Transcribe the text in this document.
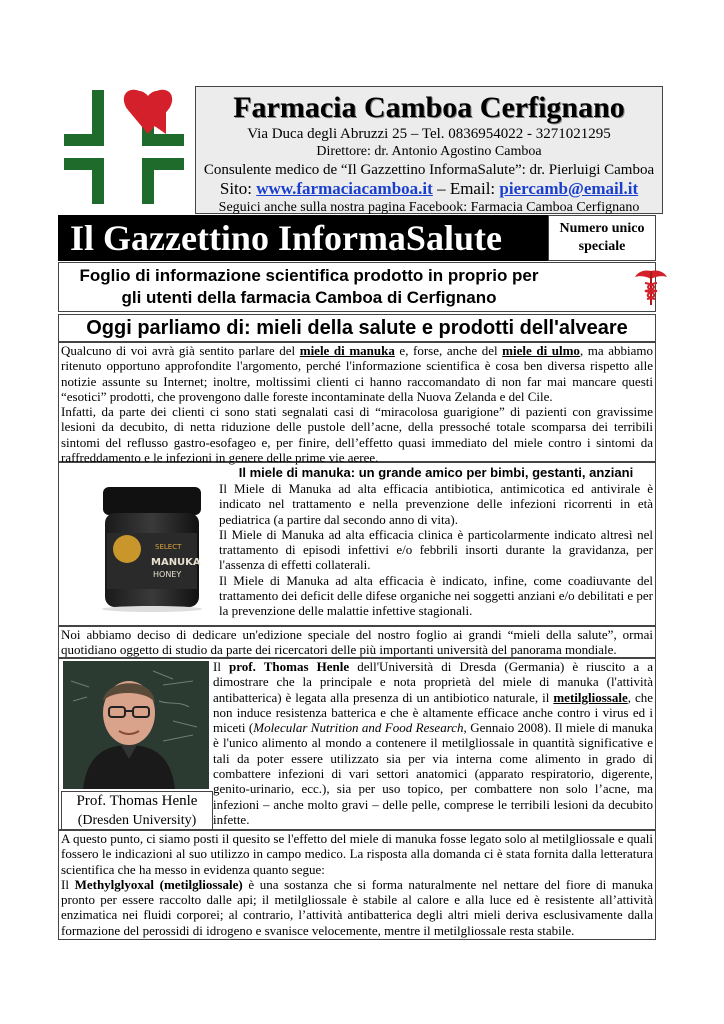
Farmacia Camboa Cerfignano
Via Duca degli Abruzzi 25 – Tel. 0836954022 - 3271021295
Direttore: dr. Antonio Agostino Camboa
Consulente medico de “Il Gazzettino InformaSalute”: dr. Pierluigi Camboa
Sito: www.farmaciacamboa.it – Email: piercamb@email.it
Seguici anche sulla nostra pagina Facebook: Farmacia Camboa Cerfignano
Il Gazzettino InformaSalute	Numero unico
speciale
Foglio di informazione scientifica prodotto in proprio per
gli utenti della farmacia Camboa di Cerfignano
Oggi parliamo di: mieli della salute e prodotti dell'alveare
Qualcuno di voi avrà già sentito parlare del miele di manuka e, forse, anche del miele di ulmo, ma abbiamo ritenuto opportuno approfondite l'argomento, perché l'informazione scientifica è cosa ben diversa rispetto alle notizie assunte su Internet; inoltre, moltissimi clienti ci hanno raccomandato di non far mai mancare questi “esotici” prodotti, che provengono dalle foreste incontaminate della Nuova Zelanda e del Cile.
Infatti, da parte dei clienti ci sono stati segnalati casi di “miracolosa guarigione” di pazienti con gravissime lesioni da decubito, di netta riduzione delle pustole dell’acne, della pressoché totale scomparsa dei terribili sintomi del reflusso gastro-esofageo e, per finire, dell’effetto quasi immediato del miele contro i sintomi da raffreddamento e le infezioni in genere delle prime vie aeree.
SELECT
MANUKA
HONEY
Il miele di manuka: un grande amico per bimbi, gestanti, anziani
Il Miele di Manuka ad alta efficacia antibiotica, antimicotica ed antivirale è indicato nel trattamento e nella prevenzione delle infezioni ricorrenti in età pediatrica (a partire dal secondo anno di vita).
Il Miele di Manuka ad alta efficacia clinica è particolarmente indicato altresì nel trattamento di episodi infettivi e/o febbrili insorti durante la gravidanza, per l'assenza di effetti collaterali.
Il Miele di Manuka ad alta efficacia è indicato, infine, come coadiuvante del trattamento dei deficit delle difese organiche nei soggetti anziani e/o debilitati e per la prevenzione delle malattie infettive stagionali.
Noi abbiamo deciso di dedicare un'edizione speciale del nostro foglio ai grandi “mieli della salute”, ormai quotidiano oggetto di studio da parte dei ricercatori delle più importanti università del panorama mondiale.
Prof. Thomas Henle
(Dresden University)
Il prof. Thomas Henle dell'Università di Dresda (Germania) è riuscito a a dimostrare che la principale e nota proprietà del miele di manuka (l'attività antibatterica) è legata alla presenza di un antibiotico naturale, il metilgliossale, che non induce resistenza batterica e che è altamente efficace anche contro i virus ed i miceti (Molecular Nutrition and Food Research, Gennaio 2008). Il miele di manuka è l'unico alimento al mondo a contenere il metilgliossale in quantità significative e tali da poter essere utilizzato sia per via interna come alimento in grado di combattere infezioni di vari settori anatomici (apparato respiratorio, digerente, genito-urinario, ecc.), sia per uso topico, per combattere non solo l’acne, ma infezioni – anche molto gravi – delle pelle, comprese le terribili lesioni da decubito infette.
A questo punto, ci siamo posti il quesito se l'effetto del miele di manuka fosse legato solo al metilgliossale e quali fossero le indicazioni al suo utilizzo in campo medico. La risposta alla domanda ci è stata fornita dalla letteratura scientifica che ha messo in evidenza quanto segue:
Il Methylglyoxal (metilgliossale) è una sostanza che si forma naturalmente nel nettare del fiore di manuka pronto per essere raccolto dalle api; il metilgliossale è stabile al calore e alla luce ed è resistente all’attività enzimatica nei fluidi corporei; al contrario, l’attività antibatterica degli altri mieli deriva esclusivamente dalla formazione del perossidi di idrogeno e svanisce velocemente, mentre il metilgliossale resta stabile.
